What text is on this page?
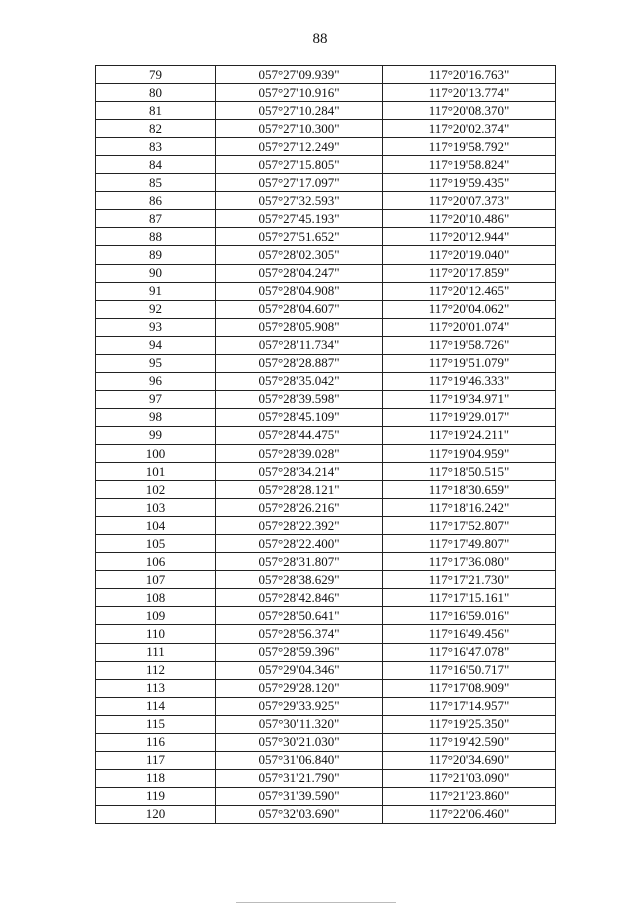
88
79	057°27'09.939"	117°20'16.763"
80	057°27'10.916"	117°20'13.774"
81	057°27'10.284"	117°20'08.370"
82	057°27'10.300"	117°20'02.374"
83	057°27'12.249"	117°19'58.792"
84	057°27'15.805"	117°19'58.824"
85	057°27'17.097"	117°19'59.435"
86	057°27'32.593"	117°20'07.373"
87	057°27'45.193"	117°20'10.486"
88	057°27'51.652"	117°20'12.944"
89	057°28'02.305"	117°20'19.040"
90	057°28'04.247"	117°20'17.859"
91	057°28'04.908"	117°20'12.465"
92	057°28'04.607"	117°20'04.062"
93	057°28'05.908"	117°20'01.074"
94	057°28'11.734"	117°19'58.726"
95	057°28'28.887"	117°19'51.079"
96	057°28'35.042"	117°19'46.333"
97	057°28'39.598"	117°19'34.971"
98	057°28'45.109"	117°19'29.017"
99	057°28'44.475"	117°19'24.211"
100	057°28'39.028"	117°19'04.959"
101	057°28'34.214"	117°18'50.515"
102	057°28'28.121"	117°18'30.659"
103	057°28'26.216"	117°18'16.242"
104	057°28'22.392"	117°17'52.807"
105	057°28'22.400"	117°17'49.807"
106	057°28'31.807"	117°17'36.080"
107	057°28'38.629"	117°17'21.730"
108	057°28'42.846"	117°17'15.161"
109	057°28'50.641"	117°16'59.016"
110	057°28'56.374"	117°16'49.456"
111	057°28'59.396"	117°16'47.078"
112	057°29'04.346"	117°16'50.717"
113	057°29'28.120"	117°17'08.909"
114	057°29'33.925"	117°17'14.957"
115	057°30'11.320"	117°19'25.350"
116	057°30'21.030"	117°19'42.590"
117	057°31'06.840"	117°20'34.690"
118	057°31'21.790"	117°21'03.090"
119	057°31'39.590"	117°21'23.860"
120	057°32'03.690"	117°22'06.460"
